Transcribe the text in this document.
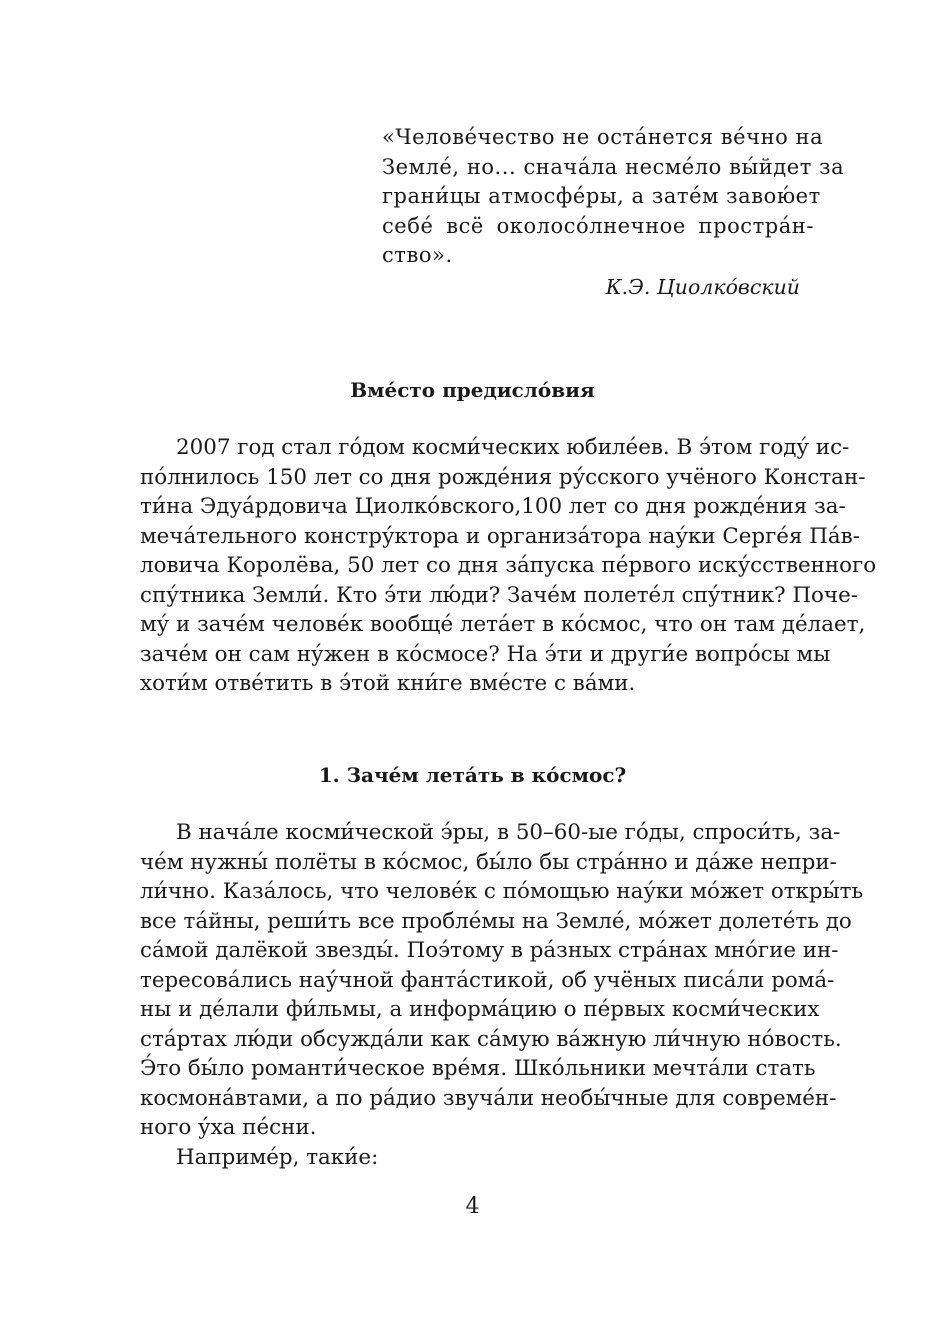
«Челове́чество не оста́нется ве́чно на
Земле́, но... снача́ла несме́ло вы́йдет за
грани́цы атмосфе́ры, а зате́м завою́ет
себе́ всё околосо́лнечное простра́н-
ство».
К.Э. Циолко́вский
Вме́сто предисло́вия
2007 год стал го́дом косми́ческих юбиле́ев. В э́том году́ ис-
по́лнилось 150 лет со дня рожде́ния ру́сского учёного Констан-
ти́на Эдуа́рдовича Циолко́вского,100 лет со дня рожде́ния за-
меча́тельного констру́ктора и организа́тора нау́ки Серге́я Па́в-
ловича Королёва, 50 лет со дня за́пуска пе́рвого иску́сственного
спу́тника Земли́. Кто э́ти лю́ди? Заче́м полете́л спу́тник? Поче-
му́ и заче́м челове́к вообще́ лета́ет в ко́смос, что он там де́лает,
заче́м он сам ну́жен в ко́смосе? На э́ти и други́е вопро́сы мы
хоти́м отве́тить в э́той кни́ге вме́сте с ва́ми.
1. Заче́м лета́ть в ко́смос?
В нача́ле косми́ческой э́ры, в 50–60-ые го́ды, спроси́ть, за-
че́м нужны́ полёты в ко́смос, бы́ло бы стра́нно и да́же непри-
ли́чно. Каза́лось, что челове́к с по́мощью нау́ки мо́жет откры́ть
все та́йны, реши́ть все пробле́мы на Земле́, мо́жет долете́ть до
са́мой далёкой звезды́. Поэ́тому в ра́зных стра́нах мно́гие ин-
тересова́лись нау́чной фанта́стикой, об учёных писа́ли рома́-
ны и де́лали фи́льмы, а информа́цию о пе́рвых косми́ческих
ста́ртах лю́ди обсужда́ли как са́мую ва́жную ли́чную но́вость.
Э́то бы́ло романти́ческое вре́мя. Шко́льники мечта́ли стать
космона́втами, а по ра́дио звуча́ли необы́чные для совреме́н-
ного у́ха пе́сни.
Наприме́р, таки́е:
4
